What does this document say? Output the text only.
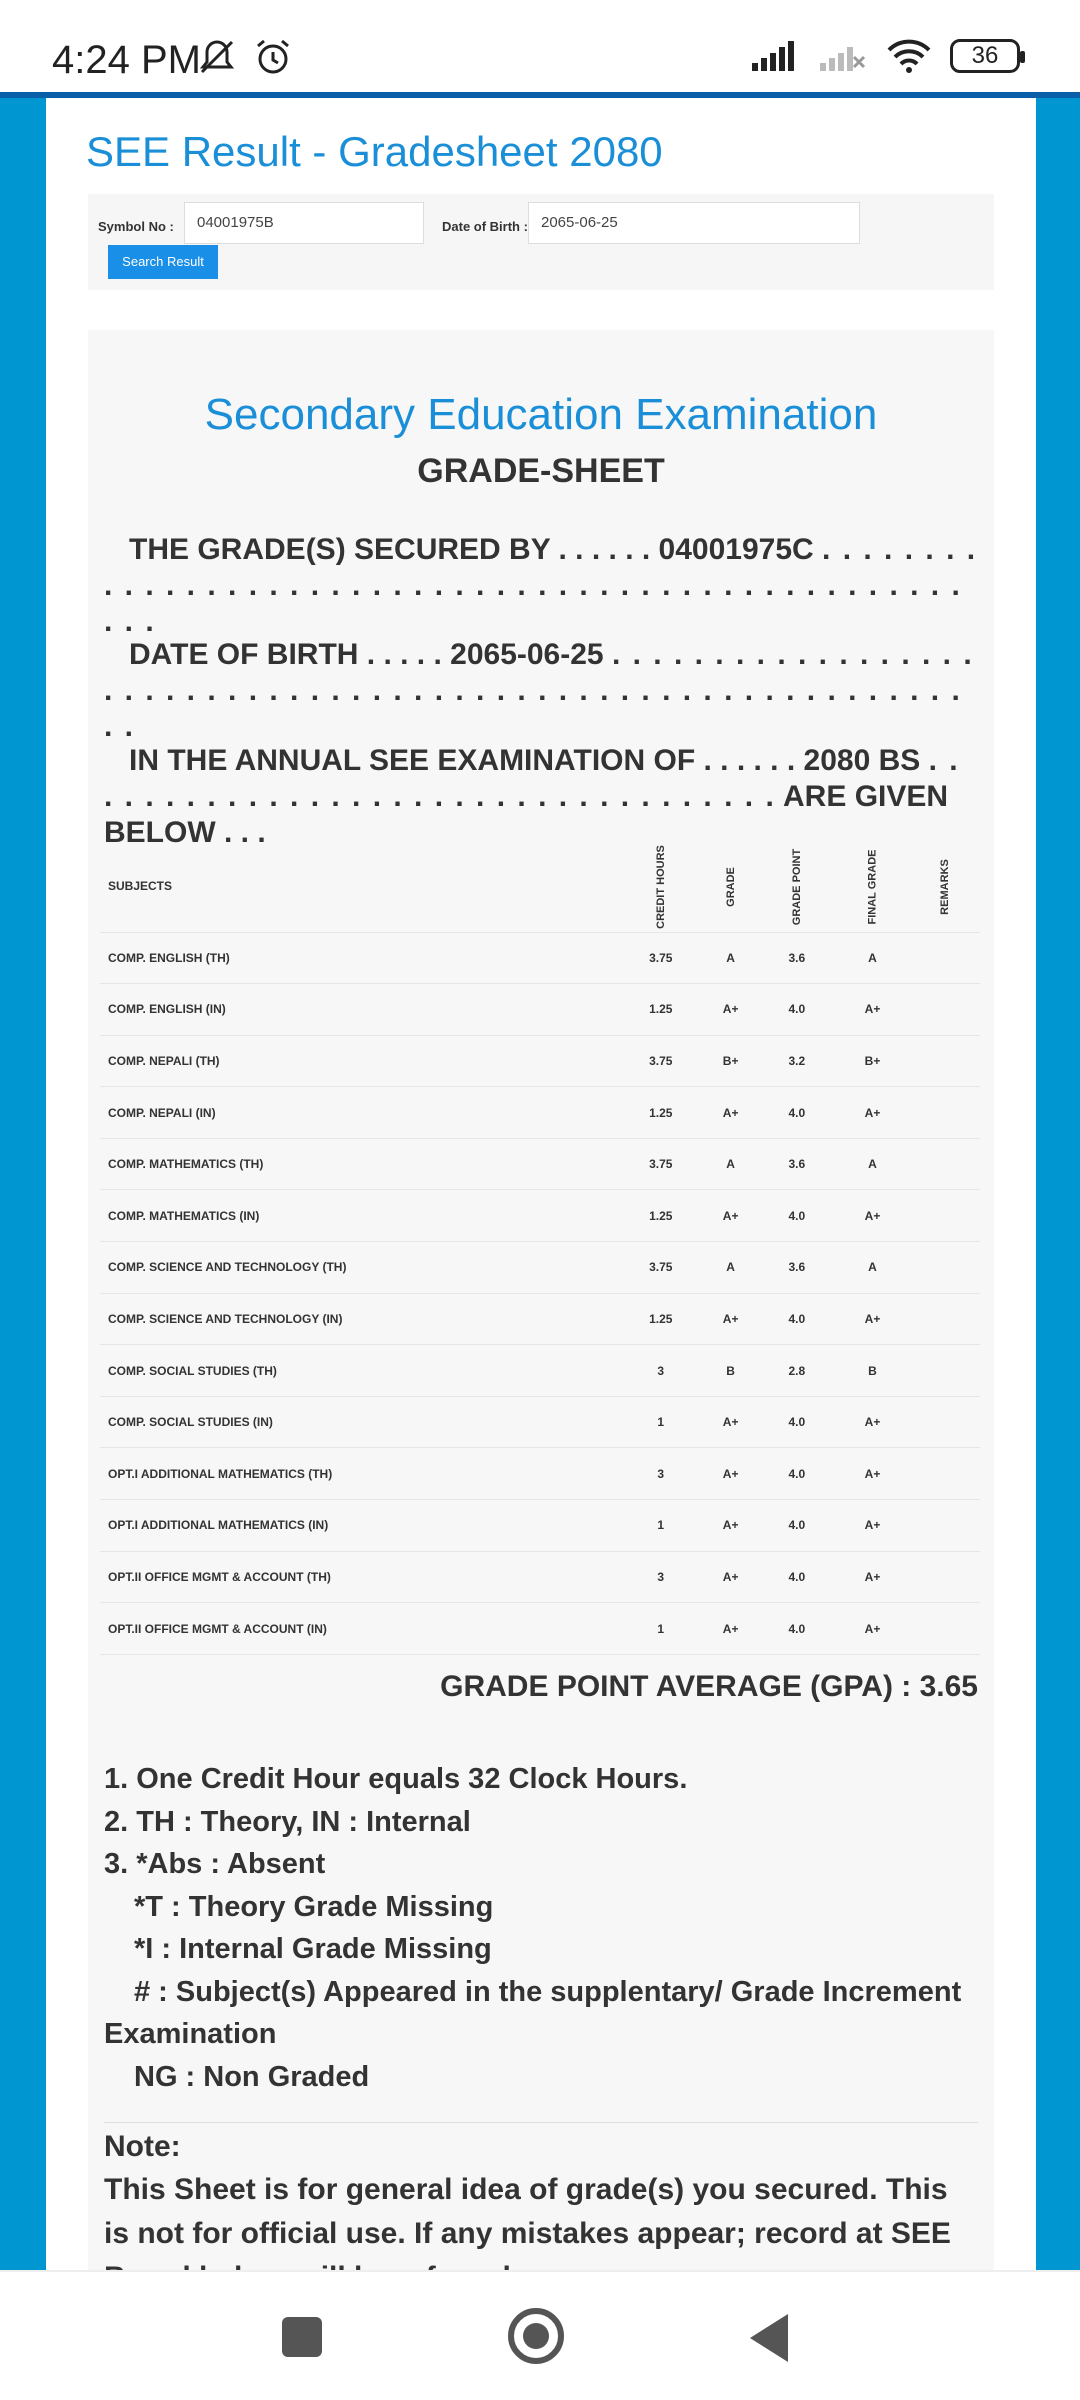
4:24 PM	36
SEE Result - Gradesheet 2080
Symbol No :	04001975B	Date of Birth : 2065-06-25
Search Result
Secondary Education Examination
GRADE-SHEET
THE GRADE(S) SECURED BY . . . . . . 04001975C . . . . . . . . . . . . . . . . . . . . . . . . . . . . . . . . . . . . . . . . . . . . . . . . . . . . .
DATE OF BIRTH . . . . . 2065-06-25 . . . . . . . . . . . . . . . . . . . . . . . . . . . . . . . . . . . . . . . . . . . . . . . . . . . . . . . . . . . . . .
IN THE ANNUAL SEE EXAMINATION OF . . . . . . 2080 BS . . . . . . . . . . . . . . . . . . . . . . . . . . . . . . . . . . . ARE GIVEN BELOW . . .
SUBJECTS	CREDIT HOURS	GRADE	GRADE POINT	FINAL GRADE	REMARKS
COMP. ENGLISH (TH)	3.75	A	3.6	A	
COMP. ENGLISH (IN)	1.25	A+	4.0	A+	
COMP. NEPALI (TH)	3.75	B+	3.2	B+	
COMP. NEPALI (IN)	1.25	A+	4.0	A+	
COMP. MATHEMATICS (TH)	3.75	A	3.6	A	
COMP. MATHEMATICS (IN)	1.25	A+	4.0	A+	
COMP. SCIENCE AND TECHNOLOGY (TH)	3.75	A	3.6	A	
COMP. SCIENCE AND TECHNOLOGY (IN)	1.25	A+	4.0	A+	
COMP. SOCIAL STUDIES (TH)	3	B	2.8	B	
COMP. SOCIAL STUDIES (IN)	1	A+	4.0	A+	
OPT.I ADDITIONAL MATHEMATICS (TH)	3	A+	4.0	A+	
OPT.I ADDITIONAL MATHEMATICS (IN)	1	A+	4.0	A+	
OPT.II OFFICE MGMT & ACCOUNT (TH)	3	A+	4.0	A+	
OPT.II OFFICE MGMT & ACCOUNT (IN)	1	A+	4.0	A+	
GRADE POINT AVERAGE (GPA) : 3.65
1. One Credit Hour equals 32 Clock Hours.
2. TH : Theory, IN : Internal
3. *Abs : Absent
*T : Theory Grade Missing
*I : Internal Grade Missing
# : Subject(s) Appeared in the supplentary/ Grade Increment Examination
NG : Non Graded
Note:
This Sheet is for general idea of grade(s) you secured. This is not for official use. If any mistakes appear; record at SEE
